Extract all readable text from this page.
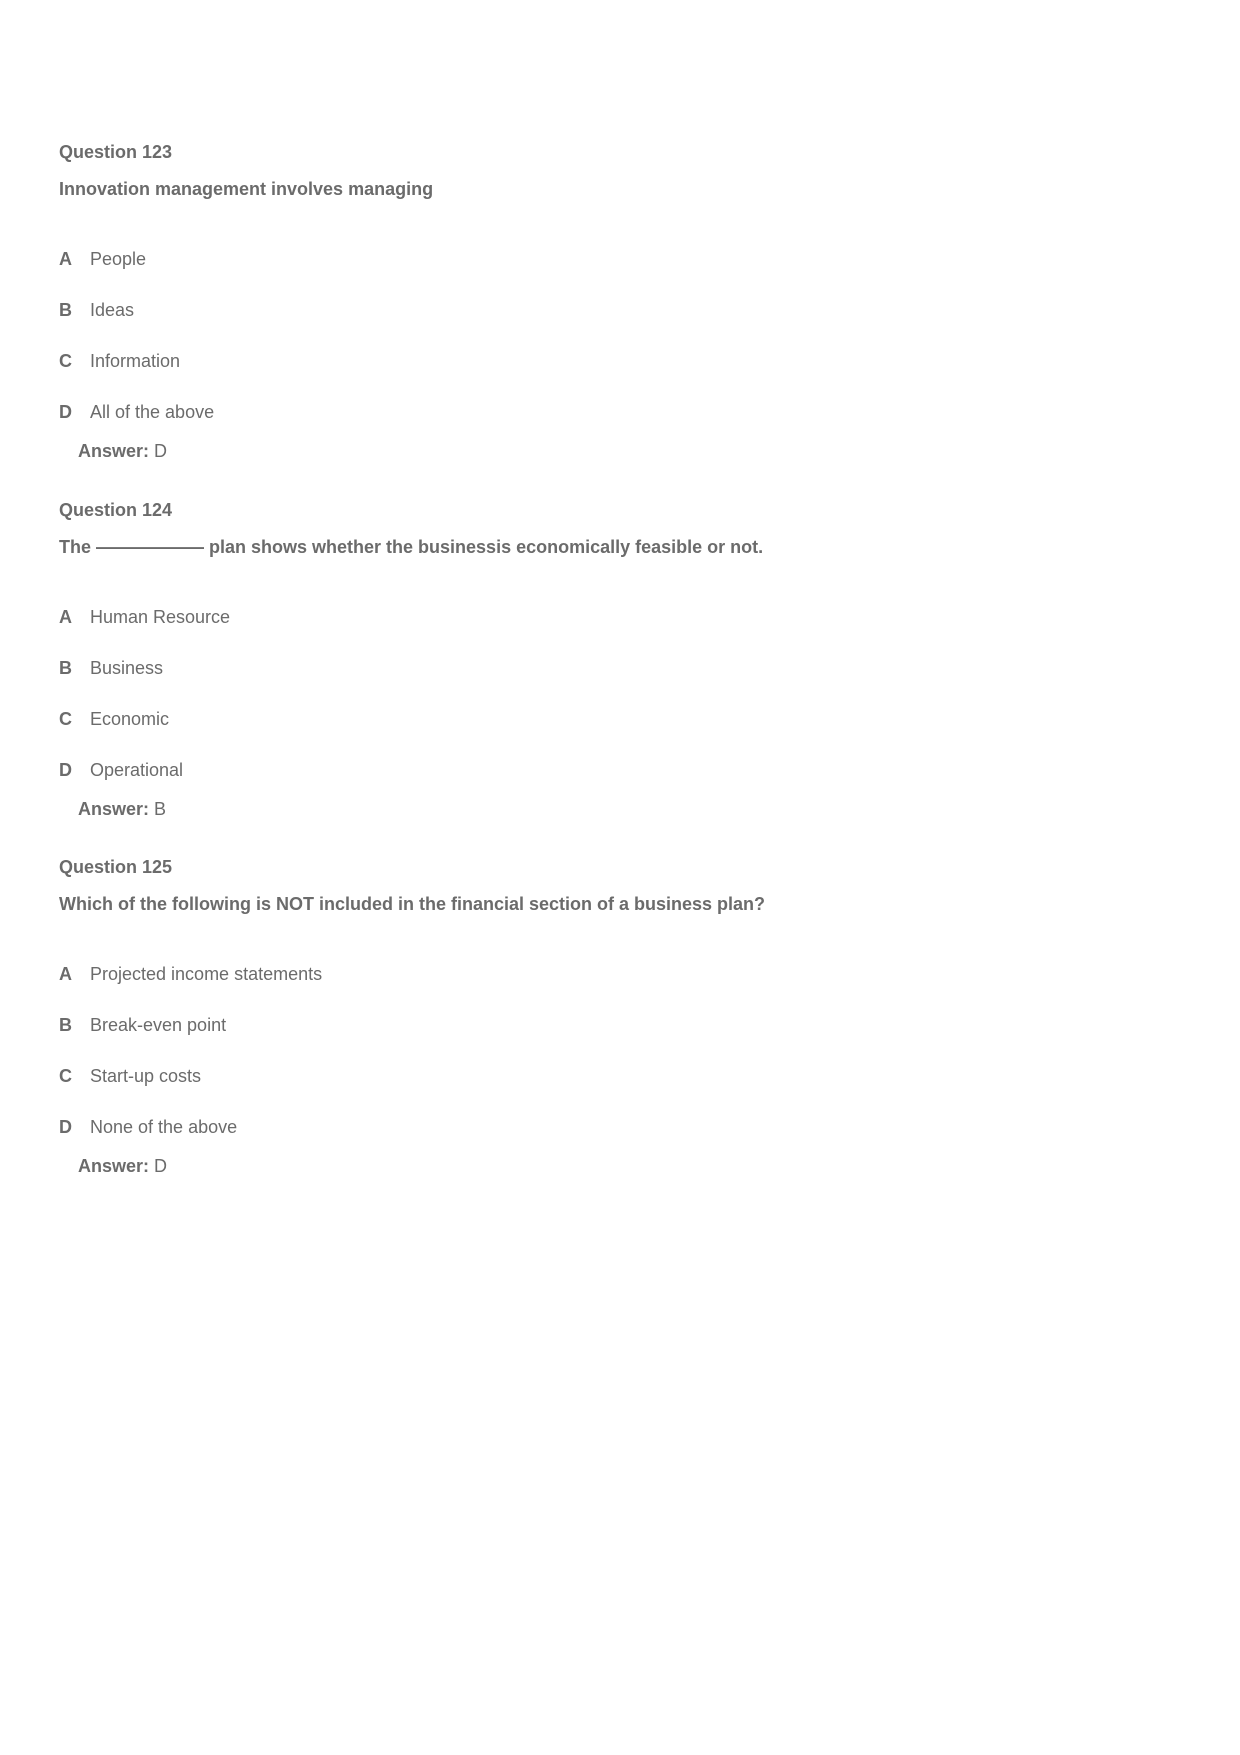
Question 123
Innovation management involves managing
A People
B Ideas
C Information
D All of the above
Answer: D
Question 124
The —————— plan shows whether the businessis economically feasible or not.
A Human Resource
B Business
C Economic
D Operational
Answer: B
Question 125
Which of the following is NOT included in the financial section of a business plan?
A Projected income statements
B Break-even point
C Start-up costs
D None of the above
Answer: D
